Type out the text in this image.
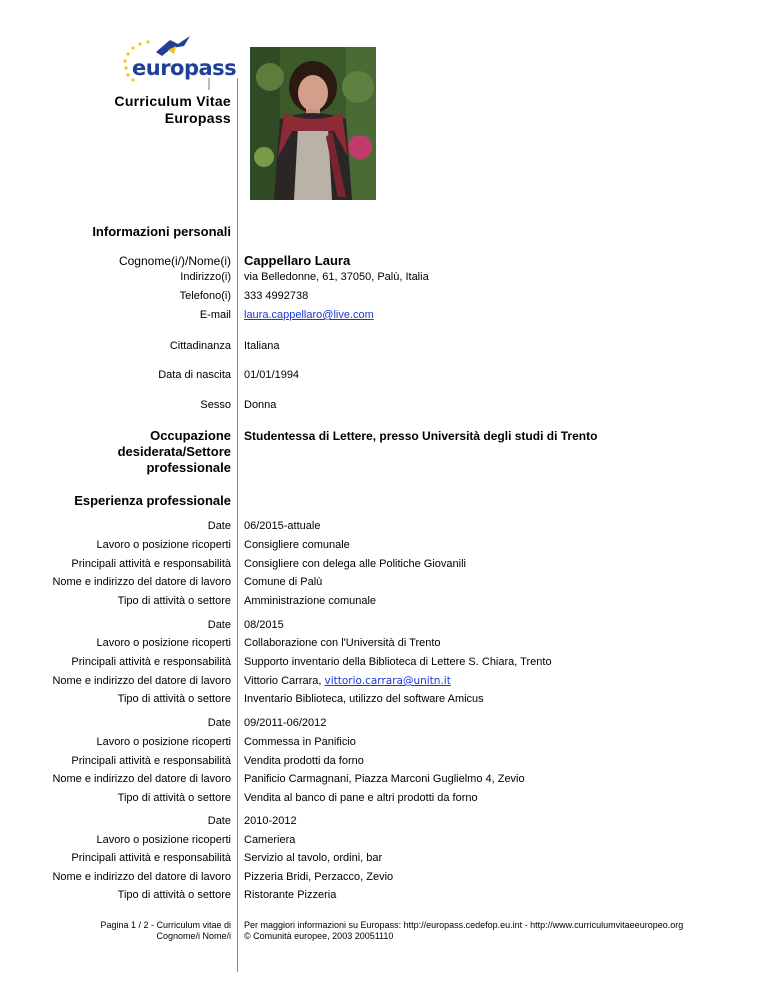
europass
Curriculum Vitae
Europass
Informazioni personali
Cognome(i/)/Nome(i) Cappellaro Laura
Indirizzo(i) via Belledonne, 61, 37050, Palù, Italia
Telefono(i) 333 4992738
E-mail laura.cappellaro@live.com
Cittadinanza Italiana
Data di nascita 01/01/1994
Sesso Donna
Occupazione
desiderata/Settore
professionale
Studentessa di Lettere, presso Università degli studi di Trento
Esperienza professionale
Date 06/2015-attuale
Lavoro o posizione ricoperti Consigliere comunale
Principali attività e responsabilità Consigliere con delega alle Politiche Giovanili
Nome e indirizzo del datore di lavoro Comune di Palù
Tipo di attività o settore Amministrazione comunale
Date 08/2015
Lavoro o posizione ricoperti Collaborazione con l'Università di Trento
Principali attività e responsabilità Supporto inventario della Biblioteca di Lettere S. Chiara, Trento
Nome e indirizzo del datore di lavoro Vittorio Carrara, vittorio.carrara@unitn.it
Tipo di attività o settore Inventario Biblioteca, utilizzo del software Amicus
Date 09/2011-06/2012
Lavoro o posizione ricoperti Commessa in Panificio
Principali attività e responsabilità Vendita prodotti da forno
Nome e indirizzo del datore di lavoro Panificio Carmagnani, Piazza Marconi Guglielmo 4, Zevio
Tipo di attività o settore Vendita al banco di pane e altri prodotti da forno
Date 2010-2012
Lavoro o posizione ricoperti Cameriera
Principali attività e responsabilità Servizio al tavolo, ordini, bar
Nome e indirizzo del datore di lavoro Pizzeria Bridi, Perzacco, Zevio
Tipo di attività o settore Ristorante Pizzeria
Pagina 1 / 2 - Curriculum vitae di
Cognome/i Nome/i
Per maggiori informazioni su Europass: http://europass.cedefop.eu.int - http://www.curriculumvitaeeuropeo.org
© Comunità europee, 2003 20051110
